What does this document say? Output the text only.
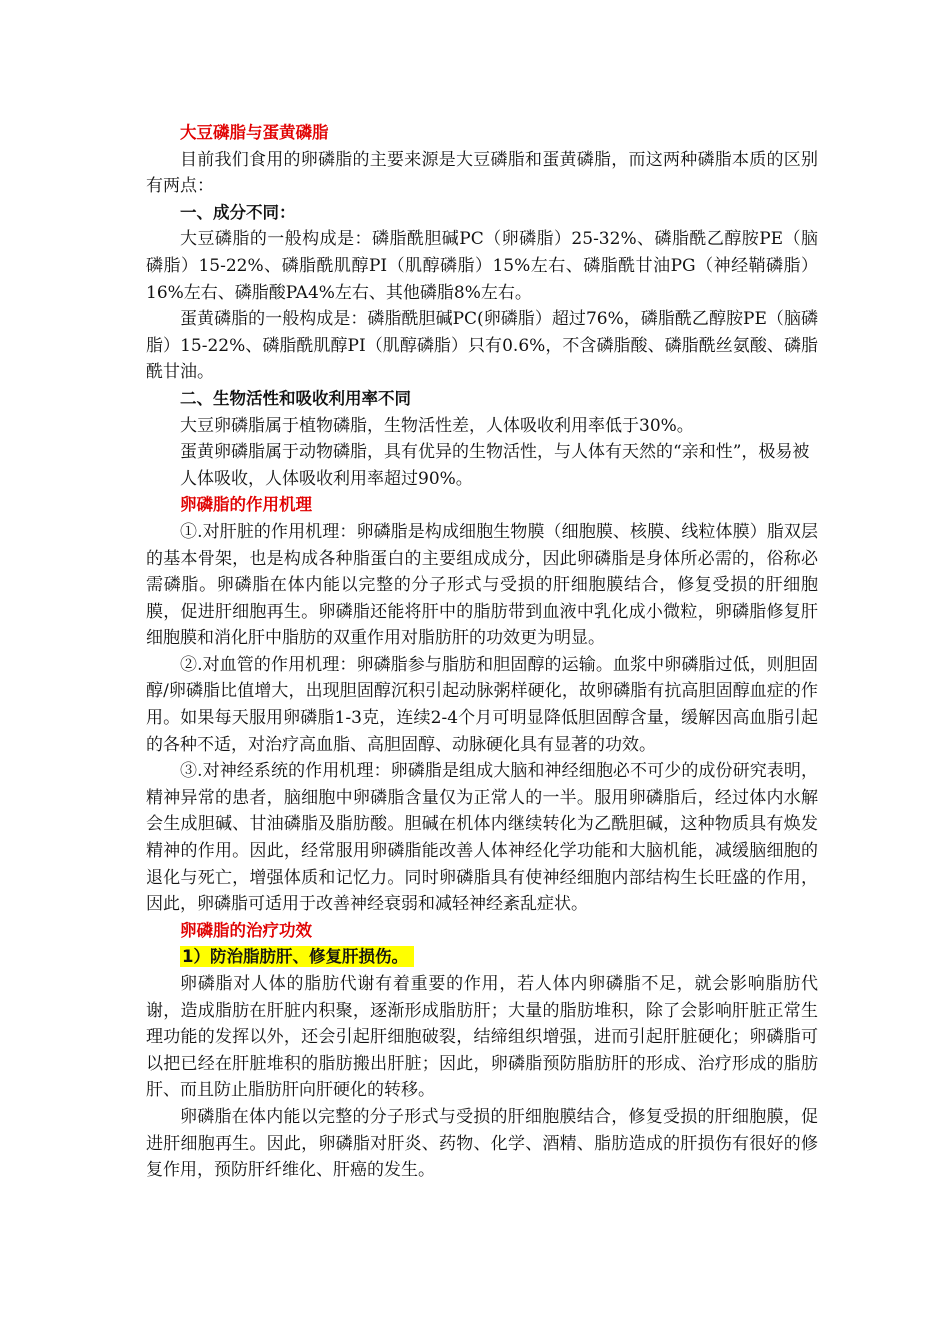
大豆磷脂与蛋黄磷脂

目前我们食用的卵磷脂的主要来源是大豆磷脂和蛋黄磷脂，而这两种磷脂本质的区别有两点：

一、成分不同：

大豆磷脂的一般构成是：磷脂酰胆碱PC（卵磷脂）25-32%、磷脂酰乙醇胺PE（脑磷脂）15-22%、磷脂酰肌醇PI（肌醇磷脂）15%左右、磷脂酰甘油PG（神经鞘磷脂）16%左右、磷脂酸PA4%左右、其他磷脂8%左右。

蛋黄磷脂的一般构成是：磷脂酰胆碱PC(卵磷脂）超过76%，磷脂酰乙醇胺PE（脑磷脂）15-22%、磷脂酰肌醇PI（肌醇磷脂）只有0.6%，不含磷脂酸、磷脂酰丝氨酸、磷脂酰甘油。

二、生物活性和吸收利用率不同

大豆卵磷脂属于植物磷脂，生物活性差，人体吸收利用率低于30%。

蛋黄卵磷脂属于动物磷脂，具有优异的生物活性，与人体有天然的“亲和性”，极易被

人体吸收，人体吸收利用率超过90%。

卵磷脂的作用机理

①.对肝脏的作用机理：卵磷脂是构成细胞生物膜（细胞膜、核膜、线粒体膜）脂双层的基本骨架，也是构成各种脂蛋白的主要组成成分，因此卵磷脂是身体所必需的，俗称必需磷脂。卵磷脂在体内能以完整的分子形式与受损的肝细胞膜结合，修复受损的肝细胞膜，促进肝细胞再生。卵磷脂还能将肝中的脂肪带到血液中乳化成小微粒，卵磷脂修复肝细胞膜和消化肝中脂肪的双重作用对脂肪肝的功效更为明显。

②.对血管的作用机理：卵磷脂参与脂肪和胆固醇的运输。血浆中卵磷脂过低，则胆固醇/卵磷脂比值增大，出现胆固醇沉积引起动脉粥样硬化，故卵磷脂有抗高胆固醇血症的作用。如果每天服用卵磷脂1-3克，连续2-4个月可明显降低胆固醇含量，缓解因高血脂引起的各种不适，对治疗高血脂、高胆固醇、动脉硬化具有显著的功效。

③.对神经系统的作用机理：卵磷脂是组成大脑和神经细胞必不可少的成份研究表明，精神异常的患者，脑细胞中卵磷脂含量仅为正常人的一半。服用卵磷脂后，经过体内水解会生成胆碱、甘油磷脂及脂肪酸。胆碱在机体内继续转化为乙酰胆碱，这种物质具有焕发精神的作用。因此，经常服用卵磷脂能改善人体神经化学功能和大脑机能，减缓脑细胞的退化与死亡，增强体质和记忆力。同时卵磷脂具有使神经细胞内部结构生长旺盛的作用，因此，卵磷脂可适用于改善神经衰弱和减轻神经紊乱症状。

卵磷脂的治疗功效
1）防治脂肪肝、修复肝损伤。

卵磷脂对人体的脂肪代谢有着重要的作用，若人体内卵磷脂不足，就会影响脂肪代谢，造成脂肪在肝脏内积聚，逐渐形成脂肪肝；大量的脂肪堆积，除了会影响肝脏正常生理功能的发挥以外，还会引起肝细胞破裂，结缔组织增强，进而引起肝脏硬化；卵磷脂可以把已经在肝脏堆积的脂肪搬出肝脏；因此，卵磷脂预防脂肪肝的形成、治疗形成的脂肪肝、而且防止脂肪肝向肝硬化的转移。

卵磷脂在体内能以完整的分子形式与受损的肝细胞膜结合，修复受损的肝细胞膜，促进肝细胞再生。因此，卵磷脂对肝炎、药物、化学、酒精、脂肪造成的肝损伤有很好的修复作用，预防肝纤维化、肝癌的发生。
